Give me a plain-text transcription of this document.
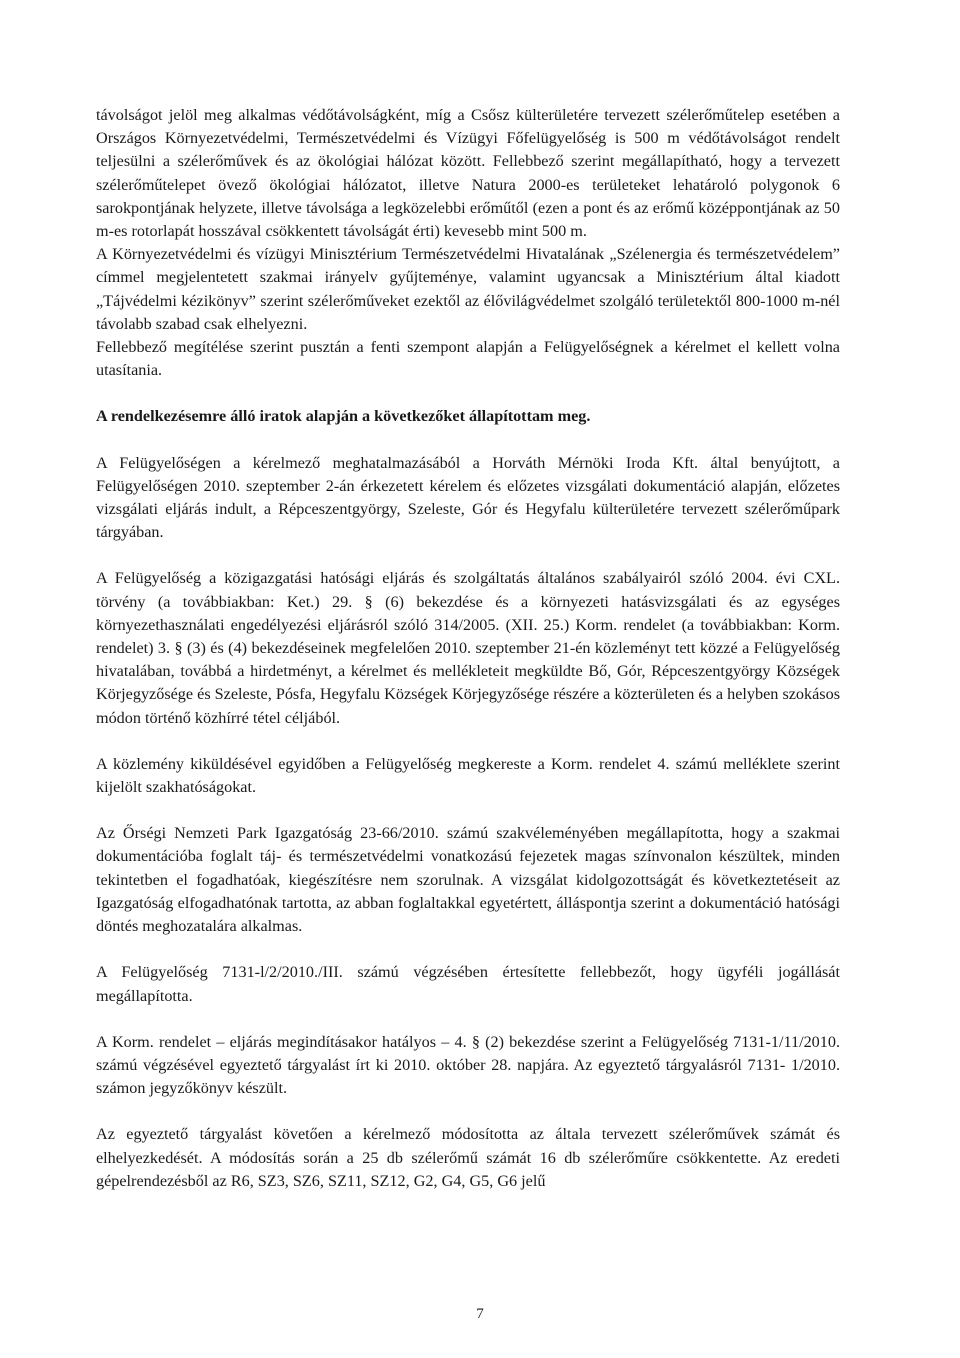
távolságot jelöl meg alkalmas védőtávolságként, míg a Csősz külterületére tervezett szélerőműtelep esetében a Országos Környezetvédelmi, Természetvédelmi és Vízügyi Főfelügyelőség is 500 m védőtávolságot rendelt teljesülni a szélerőművek és az ökológiai hálózat között. Fellebbező szerint megállapítható, hogy a tervezett szélerőműtelepet övező ökológiai hálózatot, illetve Natura 2000-es területeket lehatároló polygonok 6 sarokpontjának helyzete, illetve távolsága a legközelebbi erőműtől (ezen a pont és az erőmű középpontjának az 50 m-es rotorlapát hosszával csökkentett távolságát érti) kevesebb mint 500 m.

A Környezetvédelmi és vízügyi Minisztérium Természetvédelmi Hivatalának „Szélenergia és természetvédelem” címmel megjelentetett szakmai irányelv gyűjteménye, valamint ugyancsak a Minisztérium által kiadott „Tájvédelmi kézikönyv” szerint szélerőműveket ezektől az élővilágvédelmet szolgáló területektől 800-1000 m-nél távolabb szabad csak elhelyezni.

Fellebbező megítélése szerint pusztán a fenti szempont alapján a Felügyelőségnek a kérelmet el kellett volna utasítania.

A rendelkezésemre álló iratok alapján a következőket állapítottam meg.

A Felügyelőségen a kérelmező meghatalmazásából a Horváth Mérnöki Iroda Kft. által benyújtott, a Felügyelőségen 2010. szeptember 2-án érkezetett kérelem és előzetes vizsgálati dokumentáció alapján, előzetes vizsgálati eljárás indult, a Répceszentgyörgy, Szeleste, Gór és Hegyfalu külterületére tervezett szélerőműpark tárgyában.

A Felügyelőség a közigazgatási hatósági eljárás és szolgáltatás általános szabályairól szóló 2004. évi CXL. törvény (a továbbiakban: Ket.) 29. § (6) bekezdése és a környezeti hatásvizsgálati és az egységes környezethasználati engedélyezési eljárásról szóló 314/2005. (XII. 25.) Korm. rendelet (a továbbiakban: Korm. rendelet) 3. § (3) és (4) bekezdéseinek megfelelően 2010. szeptember 21-én közleményt tett közzé a Felügyelőség hivatalában, továbbá a hirdetményt, a kérelmet és mellékleteit megküldte Bő, Gór, Répceszentgyörgy Községek Körjegyzősége és Szeleste, Pósfa, Hegyfalu Községek Körjegyzősége részére a közterületen és a helyben szokásos módon történő közhírré tétel céljából.

A közlemény kiküldésével egyidőben a Felügyelőség megkereste a Korm. rendelet 4. számú melléklete szerint kijelölt szakhatóságokat.

Az Őrségi Nemzeti Park Igazgatóság 23-66/2010. számú szakvéleményében megállapította, hogy a szakmai dokumentációba foglalt táj- és természetvédelmi vonatkozású fejezetek magas színvonalon készültek, minden tekintetben el fogadhatóak, kiegészítésre nem szorulnak. A vizsgálat kidolgozottságát és következtetéseit az Igazgatóság elfogadhatónak tartotta, az abban foglaltakkal egyetértett, álláspontja szerint a dokumentáció hatósági döntés meghozatalára alkalmas.

A Felügyelőség 7131-l/2/2010./III. számú végzésében értesítette fellebbezőt, hogy ügyféli jogállását megállapította.

A Korm. rendelet – eljárás megindításakor hatályos – 4. § (2) bekezdése szerint a Felügyelőség 7131-1/11/2010. számú végzésével egyeztető tárgyalást írt ki 2010. október 28. napjára. Az egyeztető tárgyalásról 7131- 1/2010. számon jegyzőkönyv készült.

Az egyeztető tárgyalást követően a kérelmező módosította az általa tervezett szélerőművek számát és elhelyezkedését. A módosítás során a 25 db szélerőmű számát 16 db szélerőműre csökkentette. Az eredeti gépelrendezésből az R6, SZ3, SZ6, SZ11, SZ12, G2, G4, G5, G6 jelű

7
